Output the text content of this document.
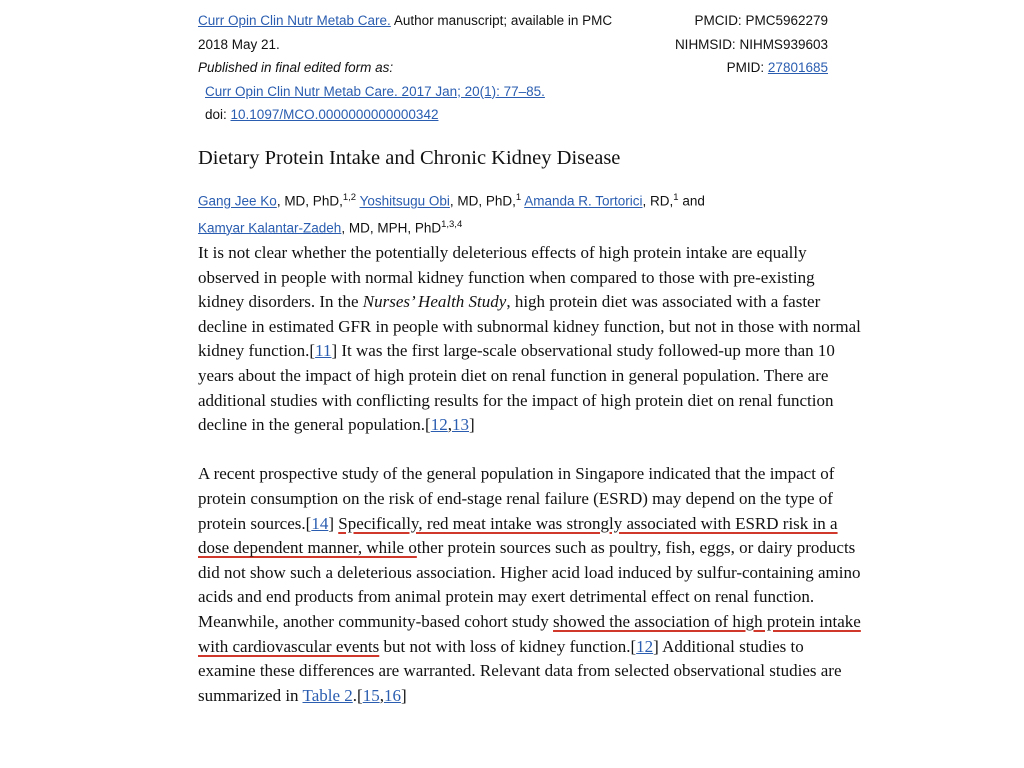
Curr Opin Clin Nutr Metab Care. Author manuscript; available in PMC
2018 May 21.
Published in final edited form as:
Curr Opin Clin Nutr Metab Care. 2017 Jan; 20(1): 77–85.
doi: 10.1097/MCO.0000000000000342
PMCID: PMC5962279
NIHMSID: NIHMS939603
PMID: 27801685
Dietary Protein Intake and Chronic Kidney Disease
Gang Jee Ko, MD, PhD,$^{1,2}$ Yoshitsugu Obi, MD, PhD,$^1$ Amanda R. Tortorici, RD,$^1$ and
Kamyar Kalantar-Zadeh, MD, MPH, PhD$^{1,3,4}$

It is not clear whether the potentially deleterious effects of high protein intake are equally observed in people with normal kidney function when compared to those with pre-existing kidney disorders. In the Nurses’ Health Study, high protein diet was associated with a faster decline in estimated GFR in people with subnormal kidney function, but not in those with normal kidney function.[11] It was the first large-scale observational study followed-up more than 10 years about the impact of high protein diet on renal function in general population. There are additional studies with conflicting results for the impact of high protein diet on renal function decline in the general population.[12,13]

A recent prospective study of the general population in Singapore indicated that the impact of protein consumption on the risk of end-stage renal failure (ESRD) may depend on the type of protein sources.[14] Specifically, red meat intake was strongly associated with ESRD risk in a dose dependent manner, while other protein sources such as poultry, fish, eggs, or dairy products did not show such a deleterious association. Higher acid load induced by sulfur-containing amino acids and end products from animal protein may exert detrimental effect on renal function. Meanwhile, another community-based cohort study showed the association of high protein intake with cardiovascular events but not with loss of kidney function.[12] Additional studies to examine these differences are warranted. Relevant data from selected observational studies are summarized in Table 2.[15,16]
